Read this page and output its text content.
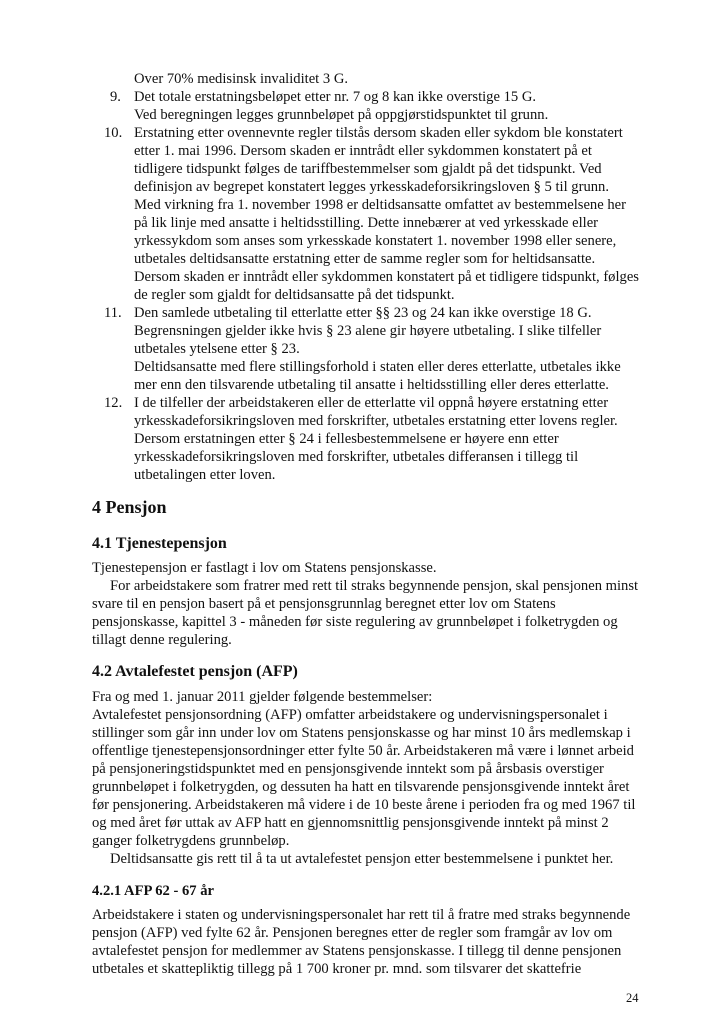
Over 70% medisinsk invaliditet 3 G.
9. Det totale erstatningsbeløpet etter nr. 7 og 8 kan ikke overstige 15 G.
Ved beregningen legges grunnbeløpet på oppgjørstidspunktet til grunn.
10. Erstatning etter ovennevnte regler tilstås dersom skaden eller sykdom ble konstatert
etter 1. mai 1996. Dersom skaden er inntrådt eller sykdommen konstatert på et
tidligere tidspunkt følges de tariffbestemmelser som gjaldt på det tidspunkt. Ved
definisjon av begrepet konstatert legges yrkesskadeforsikringsloven § 5 til grunn.
Med virkning fra 1. november 1998 er deltidsansatte omfattet av bestemmelsene her
på lik linje med ansatte i heltidsstilling. Dette innebærer at ved yrkesskade eller
yrkessykdom som anses som yrkesskade konstatert 1. november 1998 eller senere,
utbetales deltidsansatte erstatning etter de samme regler som for heltidsansatte.
Dersom skaden er inntrådt eller sykdommen konstatert på et tidligere tidspunkt, følges
de regler som gjaldt for deltidsansatte på det tidspunkt.
11. Den samlede utbetaling til etterlatte etter §§ 23 og 24 kan ikke overstige 18 G.
Begrensningen gjelder ikke hvis § 23 alene gir høyere utbetaling. I slike tilfeller
utbetales ytelsene etter § 23.
Deltidsansatte med flere stillingsforhold i staten eller deres etterlatte, utbetales ikke
mer enn den tilsvarende utbetaling til ansatte i heltidsstilling eller deres etterlatte.
12. I de tilfeller der arbeidstakeren eller de etterlatte vil oppnå høyere erstatning etter
yrkesskadeforsikringsloven med forskrifter, utbetales erstatning etter lovens regler.
Dersom erstatningen etter § 24 i fellesbestemmelsene er høyere enn etter
yrkesskadeforsikringsloven med forskrifter, utbetales differansen i tillegg til
utbetalingen etter loven.
4 Pensjon
4.1 Tjenestepensjon
Tjenestepensjon er fastlagt i lov om Statens pensjonskasse.
For arbeidstakere som fratrer med rett til straks begynnende pensjon, skal pensjonen minst
svare til en pensjon basert på et pensjonsgrunnlag beregnet etter lov om Statens
pensjonskasse, kapittel 3 - måneden før siste regulering av grunnbeløpet i folketrygden og
tillagt denne regulering.
4.2 Avtalefestet pensjon (AFP)
Fra og med 1. januar 2011 gjelder følgende bestemmelser:
Avtalefestet pensjonsordning (AFP) omfatter arbeidstakere og undervisningspersonalet i
stillinger som går inn under lov om Statens pensjonskasse og har minst 10 års medlemskap i
offentlige tjenestepensjonsordninger etter fylte 50 år. Arbeidstakeren må være i lønnet arbeid
på pensjoneringstidspunktet med en pensjonsgivende inntekt som på årsbasis overstiger
grunnbeløpet i folketrygden, og dessuten ha hatt en tilsvarende pensjonsgivende inntekt året
før pensjonering. Arbeidstakeren må videre i de 10 beste årene i perioden fra og med 1967 til
og med året før uttak av AFP hatt en gjennomsnittlig pensjonsgivende inntekt på minst 2
ganger folketrygdens grunnbeløp.
Deltidsansatte gis rett til å ta ut avtalefestet pensjon etter bestemmelsene i punktet her.
4.2.1 AFP 62 - 67 år
Arbeidstakere i staten og undervisningspersonalet har rett til å fratre med straks begynnende
pensjon (AFP) ved fylte 62 år. Pensjonen beregnes etter de regler som framgår av lov om
avtalefestet pensjon for medlemmer av Statens pensjonskasse. I tillegg til denne pensjonen
utbetales et skattepliktig tillegg på 1 700 kroner pr. mnd. som tilsvarer det skattefrie
24
